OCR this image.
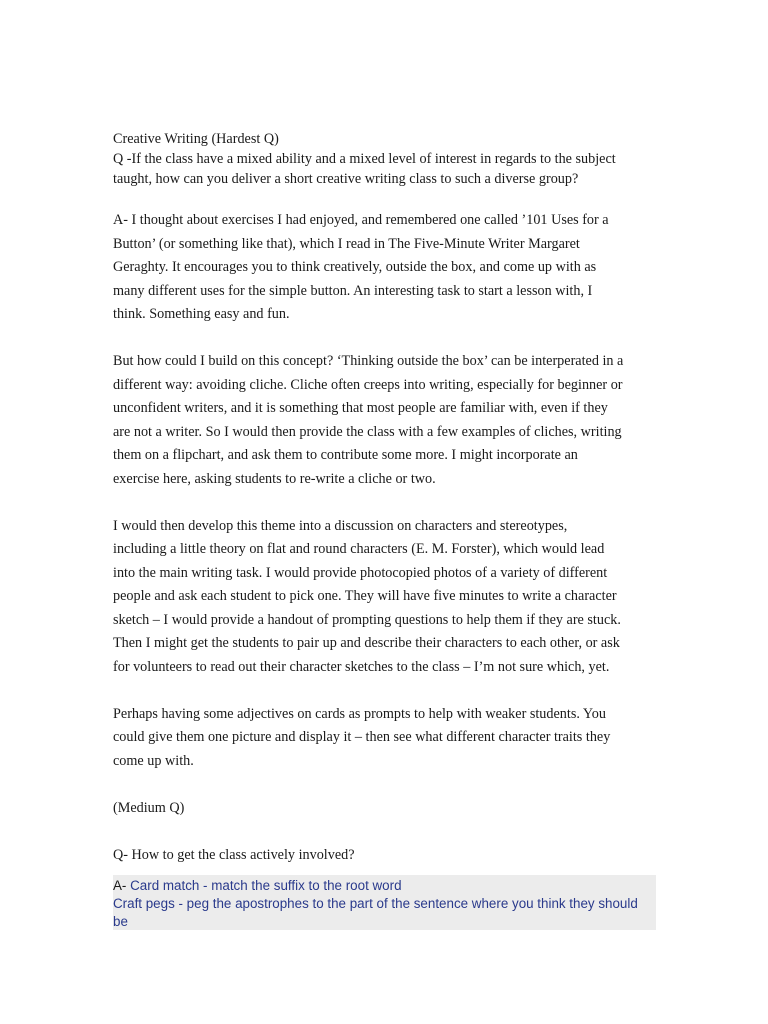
Creative Writing (Hardest Q)
Q -If the class have a mixed ability and a mixed level of interest in regards to the subject
taught, how can you deliver a short creative writing class to such a diverse group?
A- I thought about exercises I had enjoyed, and remembered one called ’101 Uses for a
Button’ (or something like that), which I read in The Five-Minute Writer Margaret
Geraghty. It encourages you to think creatively, outside the box, and come up with as
many different uses for the simple button. An interesting task to start a lesson with, I
think. Something easy and fun.
But how could I build on this concept? ‘Thinking outside the box’ can be interperated in a
different way: avoiding cliche. Cliche often creeps into writing, especially for beginner or
unconfident writers, and it is something that most people are familiar with, even if they
are not a writer. So I would then provide the class with a few examples of cliches, writing
them on a flipchart, and ask them to contribute some more. I might incorporate an
exercise here, asking students to re-write a cliche or two.
I would then develop this theme into a discussion on characters and stereotypes,
including a little theory on flat and round characters (E. M. Forster), which would lead
into the main writing task. I would provide photocopied photos of a variety of different
people and ask each student to pick one. They will have five minutes to write a character
sketch – I would provide a handout of prompting questions to help them if they are stuck.
Then I might get the students to pair up and describe their characters to each other, or ask
for volunteers to read out their character sketches to the class – I’m not sure which, yet.
Perhaps having some adjectives on cards as prompts to help with weaker students. You
could give them one picture and display it – then see what different character traits they
come up with.
(Medium Q)
Q- How to get the class actively involved?
A- Card match - match the suffix to the root word
Craft pegs - peg the apostrophes to the part of the sentence where you think they should
be
